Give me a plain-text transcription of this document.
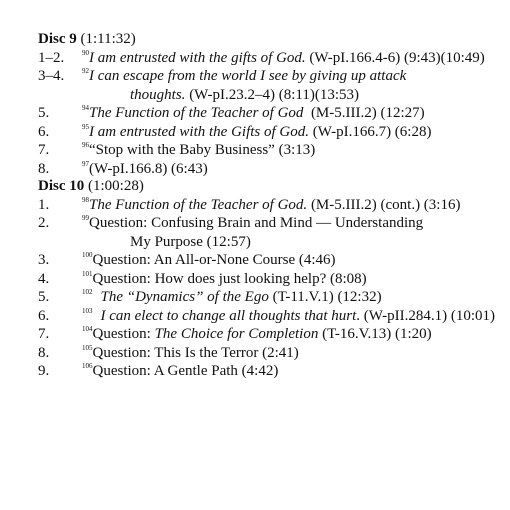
Disc 9 (1:11:32)
1–2.	$^{90}$I am entrusted with the gifts of God. (W-pI.166.4-6) (9:43)(10:49)
3–4.	$^{92}$I can escape from the world I see by giving up attack
thoughts. (W-pI.23.2–4) (8:11)(13:53)
5.	$^{94}$The Function of the Teacher of God (M-5.III.2) (12:27)
6.	$^{95}$I am entrusted with the Gifts of God. (W-pI.166.7) (6:28)
7.	$^{96}$“Stop with the Baby Business” (3:13)
8.	$^{97}$(W-pI.166.8) (6:43)
Disc 10 (1:00:28)
1.	$^{98}$The Function of the Teacher of God. (M-5.III.2) (cont.) (3:16)
2.	$^{99}$Question: Confusing Brain and Mind — Understanding
My Purpose (12:57)
3.	$^{100}$Question: An All-or-None Course (4:46)
4.	$^{101}$Question: How does just looking help? (8:08)
5.	$^{102}$ The “Dynamics” of the Ego (T-11.V.1) (12:32)
6.	$^{103}$ I can elect to change all thoughts that hurt. (W-pII.284.1) (10:01)
7.	$^{104}$Question: The Choice for Completion (T-16.V.13) (1:20)
8.	$^{105}$Question: This Is the Terror (2:41)
9.	$^{106}$Question: A Gentle Path (4:42)
